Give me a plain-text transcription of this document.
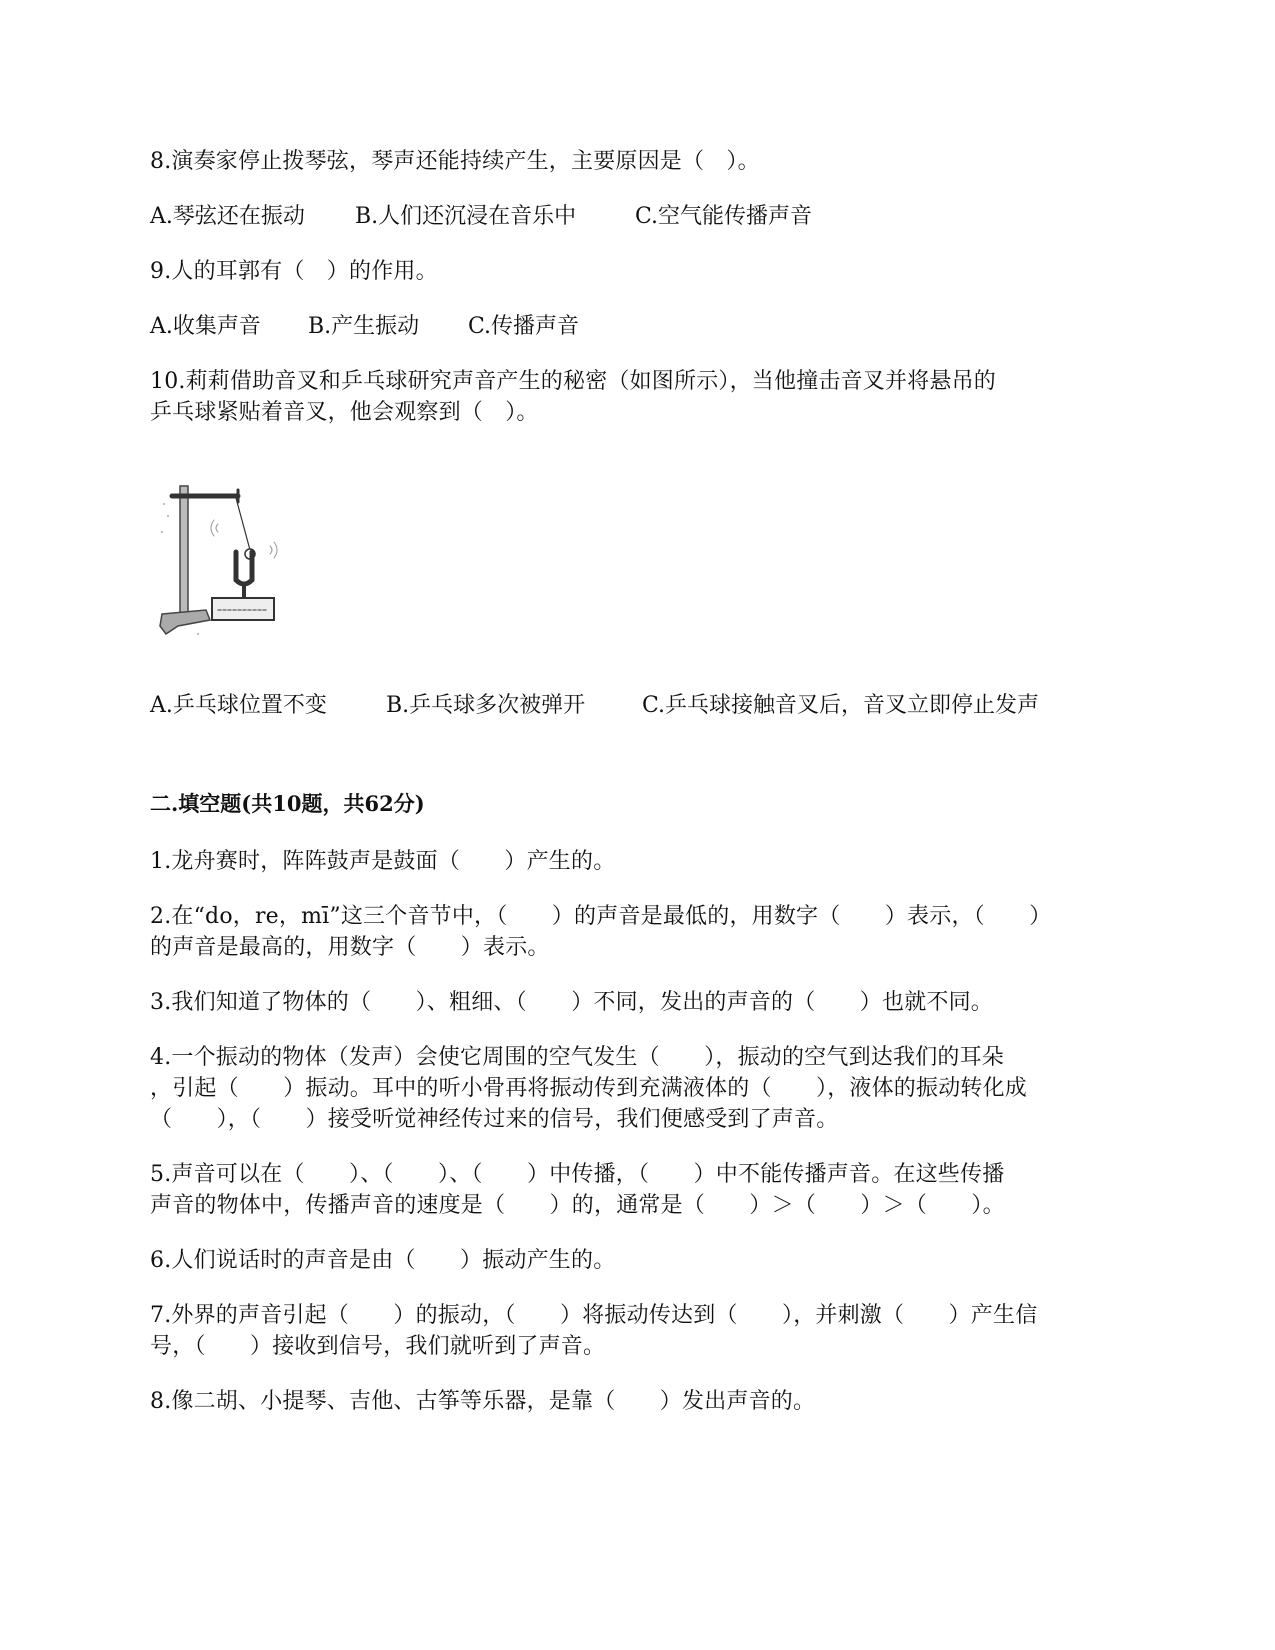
8.演奏家停止拨琴弦，琴声还能持续产生，主要原因是（　）。
A.琴弦还在振动 B.人们还沉浸在音乐中	C.空气能传播声音
9.人的耳郭有（　）的作用。
A.收集声音 B.产生振动 C.传播声音
10.莉莉借助音叉和乒乓球研究声音产生的秘密（如图所示），当他撞击音叉并将悬吊的
乒乓球紧贴着音叉，他会观察到（　）。
A.乒乓球位置不变	B.乒乓球多次被弹开	C.乒乓球接触音叉后，音叉立即停止发声
二.填空题(共10题，共62分)
1.龙舟赛时，阵阵鼓声是鼓面（　　）产生的。
2.在“do，re，mī”这三个音节中，（　　）的声音是最低的，用数字（　　）表示，（　　）
的声音是最高的，用数字（　　）表示。
3.我们知道了物体的（　　）、粗细、（　　）不同，发出的声音的（　　）也就不同。
4.一个振动的物体（发声）会使它周围的空气发生（　　），振动的空气到达我们的耳朵
，引起（　　）振动。耳中的听小骨再将振动传到充满液体的（　　），液体的振动转化成
（　　），（　　）接受听觉神经传过来的信号，我们便感受到了声音。
5.声音可以在（　　）、（　　）、（　　）中传播，（　　）中不能传播声音。在这些传播
声音的物体中，传播声音的速度是（　　）的，通常是（　　）＞（　　）＞（　　）。
6.人们说话时的声音是由（　　）振动产生的。
7.外界的声音引起（　　）的振动，（　　）将振动传达到（　　），并刺激（　　）产生信
号，（　　）接收到信号，我们就听到了声音。
8.像二胡、小提琴、吉他、古筝等乐器，是靠（　　）发出声音的。
